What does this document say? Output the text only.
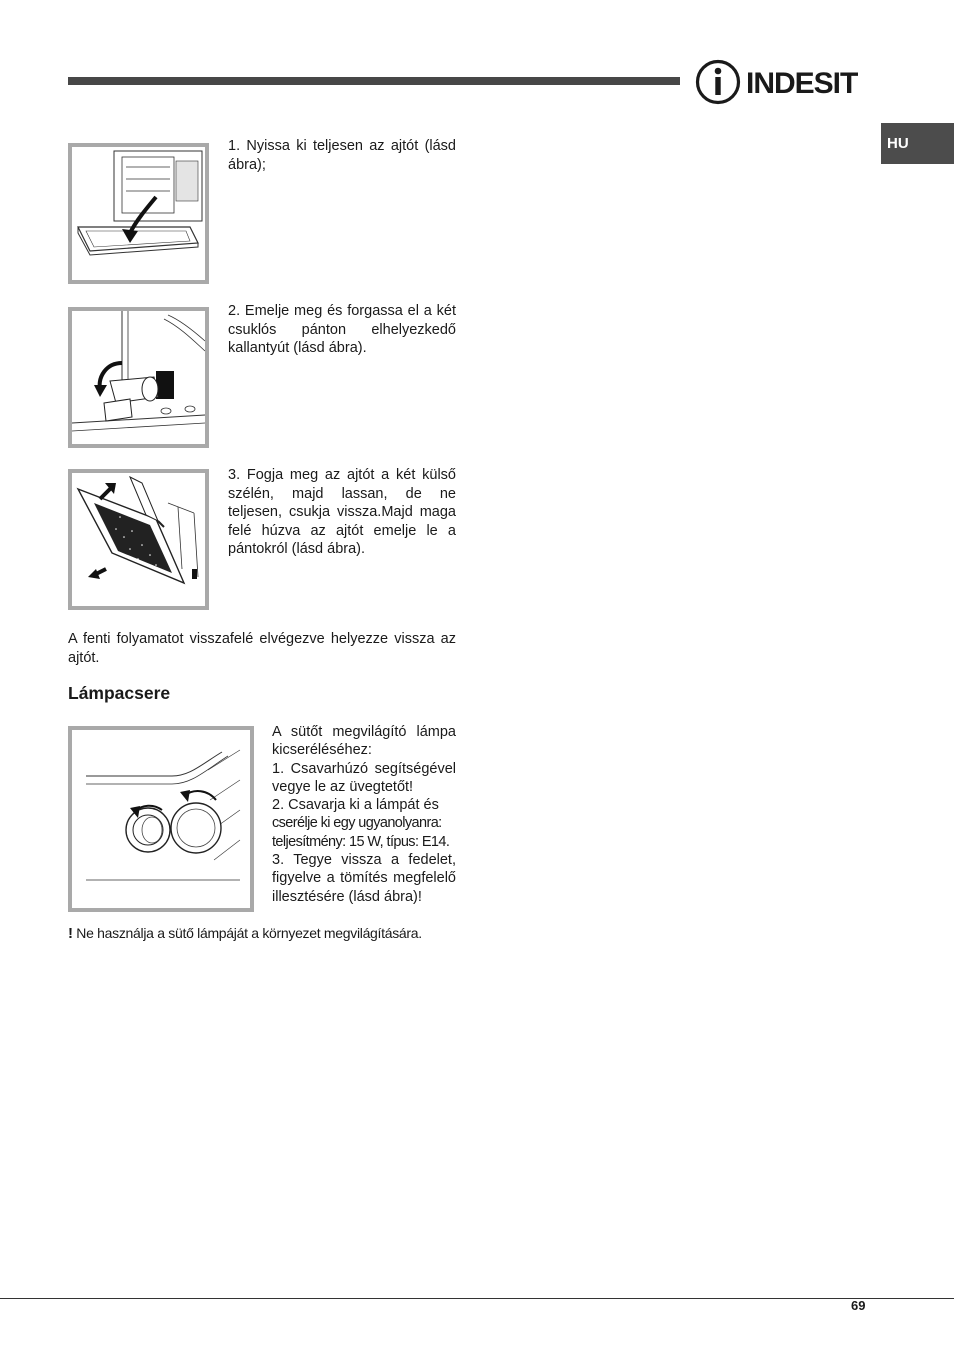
INDESIT
HU

1. Nyissa ki teljesen az ajtót (lásd ábra);

2. Emelje meg és forgassa el a két csuklós pánton elhelyezkedő kallantyút (lásd ábra).

3. Fogja meg az ajtót a két külső szélén, majd lassan, de ne teljesen, csukja vissza.Majd maga felé húzva az ajtót emelje le a pántokról (lásd ábra).

A fenti folyamatot visszafelé elvégezve helyezze vissza az ajtót.

Lámpacsere
A sütőt megvilágító lámpa kicseréléséhez:
1. Csavarhúzó segítségével vegye le az üvegtetőt!
2. Csavarja ki a lámpát és
cserélje ki egy ugyanolyanra:
teljesítmény: 15 W, típus: E14.
3. Tegye vissza a fedelet, figyelve a tömítés megfelelő illesztésére (lásd ábra)!

! Ne használja a sütő lámpáját a környezet megvilágítására.

69
